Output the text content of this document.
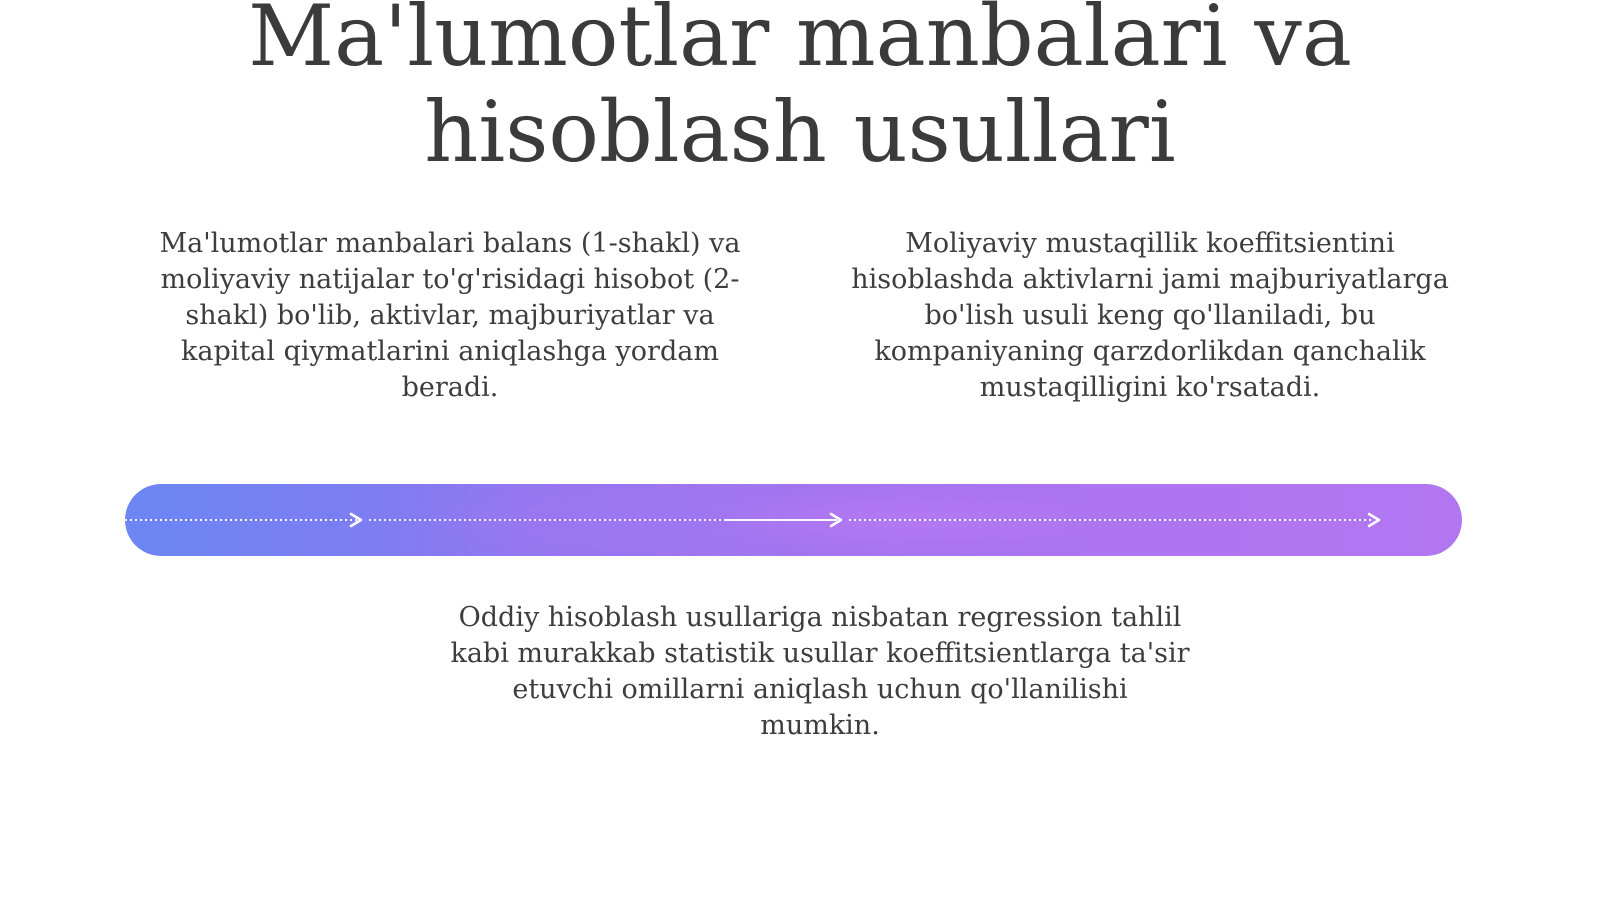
Ma'lumotlar manbalari va
hisoblash usullari

Ma'lumotlar manbalari balans (1-shakl) va moliyaviy natijalar to'g'risidagi hisobot (2-shakl) bo'lib, aktivlar, majburiyatlar va kapital qiymatlarini aniqlashga yordam beradi.

Moliyaviy mustaqillik koeffitsientini hisoblashda aktivlarni jami majburiyatlarga bo'lish usuli keng qo'llaniladi, bu kompaniyaning qarzdorlikdan qanchalik mustaqilligini ko'rsatadi.

Oddiy hisoblash usullariga nisbatan regression tahlil kabi murakkab statistik usullar koeffitsientlarga ta'sir etuvchi omillarni aniqlash uchun qo'llanilishi mumkin.
